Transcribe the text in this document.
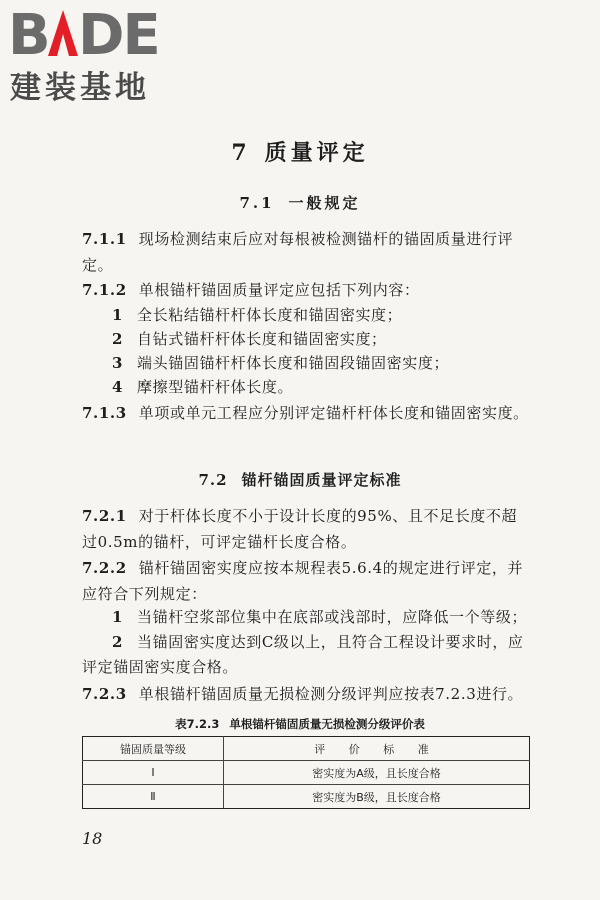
B DE
建装基地
7 质量评定
7.1 一般规定

7.1.1 现场检测结束后应对每根被检测锚杆的锚固质量进行评定。

7.1.2 单根锚杆锚固质量评定应包括下列内容：

1 全长粘结锚杆杆体长度和锚固密实度；

2 自钻式锚杆杆体长度和锚固密实度；

3 端头锚固锚杆杆体长度和锚固段锚固密实度；

4 摩擦型锚杆杆体长度。

7.1.3 单项或单元工程应分别评定锚杆杆体长度和锚固密实度。

7.2 锚杆锚固质量评定标准

7.2.1 对于杆体长度不小于设计长度的95%、且不足长度不超过0.5m的锚杆，可评定锚杆长度合格。

7.2.2 锚杆锚固密实度应按本规程表5.6.4的规定进行评定，并应符合下列规定：

1 当锚杆空浆部位集中在底部或浅部时，应降低一个等级；

2 当锚固密实度达到C级以上，且符合工程设计要求时，应评定锚固密实度合格。

7.2.3 单根锚杆锚固质量无损检测分级评判应按表7.2.3进行。

表7.2.3 单根锚杆锚固质量无损检测分级评价表

锚固质量等级	评 价 标 准
Ⅰ	密实度为A级，且长度合格
Ⅱ	密实度为B级，且长度合格
18
